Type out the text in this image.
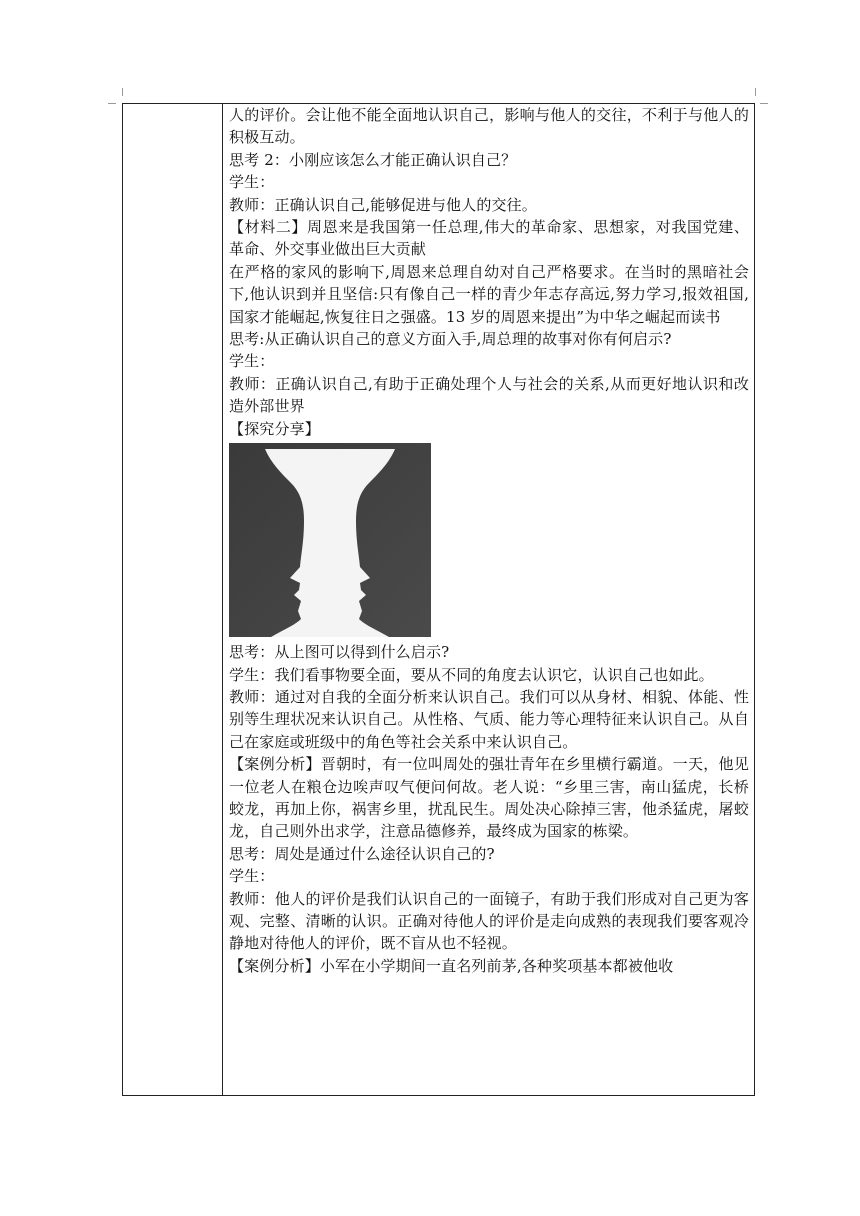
人的评价。会让他不能全面地认识自己，影响与他人的交往，不利于与他人的积极互动。

思考 2：小刚应该怎么才能正确认识自己？

学生：

教师：正确认识自己,能够促进与他人的交往。

【材料二】周恩来是我国第一任总理,伟大的革命家、思想家，对我国党建、革命、外交事业做出巨大贡献

在严格的家风的影响下,周恩来总理自幼对自己严格要求。在当时的黑暗社会下,他认识到并且坚信:只有像自己一样的青少年志存高远,努力学习,报效祖国,国家才能崛起,恢复往日之强盛。13 岁的周恩来提出”为中华之崛起而读书

思考:从正确认识自己的意义方面入手,周总理的故事对你有何启示?

学生：

教师：正确认识自己,有助于正确处理个人与社会的关系,从而更好地认识和改造外部世界

【探究分享】

思考：从上图可以得到什么启示?

学生：我们看事物要全面，要从不同的角度去认识它，认识自己也如此。

教师：通过对自我的全面分析来认识自己。我们可以从身材、相貌、体能、性别等生理状况来认识自己。从性格、气质、能力等心理特征来认识自己。从自己在家庭或班级中的角色等社会关系中来认识自己。

【案例分析】晋朝时，有一位叫周处的强壮青年在乡里横行霸道。一天，他见一位老人在粮仓边唉声叹气便问何故。老人说：“乡里三害，南山猛虎，长桥蛟龙，再加上你，祸害乡里，扰乱民生。周处决心除掉三害，他杀猛虎，屠蛟龙，自己则外出求学，注意品德修养，最终成为国家的栋梁。

思考：周处是通过什么途径认识自己的?

学生：

教师：他人的评价是我们认识自己的一面镜子，有助于我们形成对自己更为客观、完整、清晰的认识。正确对待他人的评价是走向成熟的表现我们要客观冷静地对待他人的评价，既不盲从也不轻视。

【案例分析】小军在小学期间一直名列前茅,各种奖项基本都被他收
